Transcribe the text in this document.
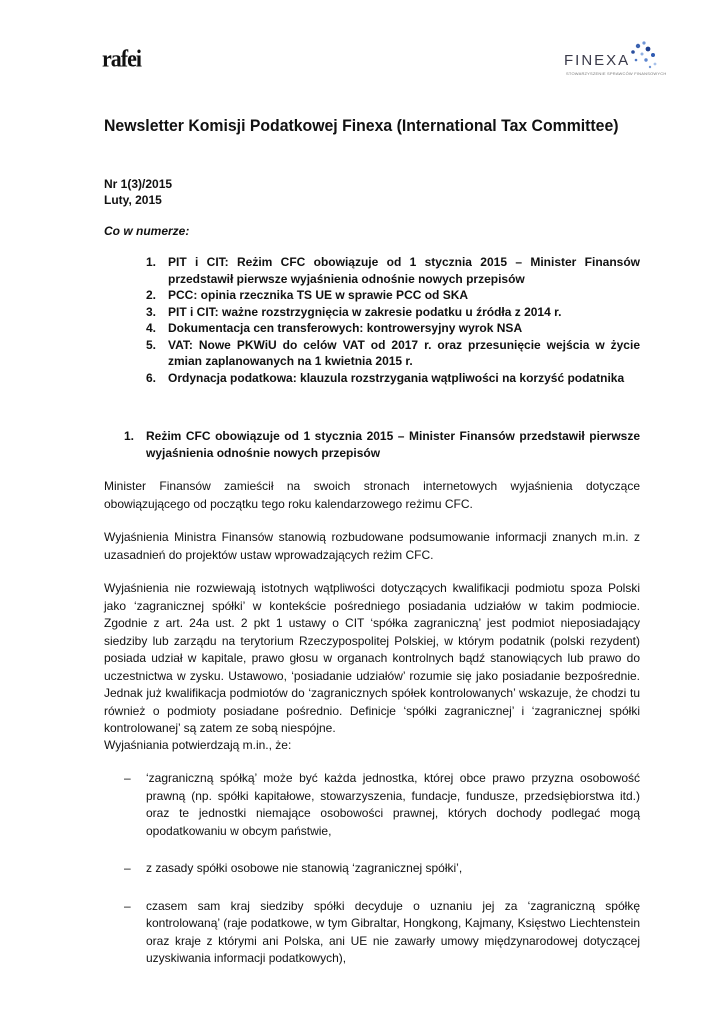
rafei	FINEXA
STOWARZYSZENIE SPRAWCÓW FINANSOWYCH
Newsletter Komisji Podatkowej Finexa (International Tax Committee)
Nr 1(3)/2015
Luty, 2015
Co w numerze:
1. PIT i CIT: Reżim CFC obowiązuje od 1 stycznia 2015 – Minister Finansów przedstawił pierwsze wyjaśnienia odnośnie nowych przepisów
2. PCC: opinia rzecznika TS UE w sprawie PCC od SKA
3. PIT i CIT: ważne rozstrzygnięcia w zakresie podatku u źródła z 2014 r.
4. Dokumentacja cen transferowych: kontrowersyjny wyrok NSA
5. VAT: Nowe PKWiU do celów VAT od 2017 r. oraz przesunięcie wejścia w życie zmian zaplanowanych na 1 kwietnia 2015 r.
6. Ordynacja podatkowa: klauzula rozstrzygania wątpliwości na korzyść podatnika
1. Reżim CFC obowiązuje od 1 stycznia 2015 – Minister Finansów przedstawił pierwsze wyjaśnienia odnośnie nowych przepisów

Minister Finansów zamieścił na swoich stronach internetowych wyjaśnienia dotyczące obowiązującego od początku tego roku kalendarzowego reżimu CFC.

Wyjaśnienia Ministra Finansów stanowią rozbudowane podsumowanie informacji znanych m.in. z uzasadnień do projektów ustaw wprowadzających reżim CFC.

Wyjaśnienia nie rozwiewają istotnych wątpliwości dotyczących kwalifikacji podmiotu spoza Polski jako ‘zagranicznej spółki’ w kontekście pośredniego posiadania udziałów w takim podmiocie. Zgodnie z art. 24a ust. 2 pkt 1 ustawy o CIT ‘spółka zagraniczną’ jest podmiot nieposiadający siedziby lub zarządu na terytorium Rzeczypospolitej Polskiej, w którym podatnik (polski rezydent) posiada udział w kapitale, prawo głosu w organach kontrolnych bądź stanowiących lub prawo do uczestnictwa w zysku. Ustawowo, ‘posiadanie udziałów’ rozumie się jako posiadanie bezpośrednie. Jednak już kwalifikacja podmiotów do ‘zagranicznych spółek kontrolowanych’ wskazuje, że chodzi tu również o podmioty posiadane pośrednio. Definicje ‘spółki zagranicznej’ i ‘zagranicznej spółki kontrolowanej’ są zatem ze sobą niespójne.

Wyjaśniania potwierdzają m.in., że:

– ‘zagraniczną spółką’ może być każda jednostka, której obce prawo przyzna osobowość prawną (np. spółki kapitałowe, stowarzyszenia, fundacje, fundusze, przedsiębiorstwa itd.) oraz te jednostki niemające osobowości prawnej, których dochody podlegać mogą opodatkowaniu w obcym państwie,
– z zasady spółki osobowe nie stanowią ‘zagranicznej spółki’,
– czasem sam kraj siedziby spółki decyduje o uznaniu jej za ‘zagraniczną spółkę kontrolowaną’ (raje podatkowe, w tym Gibraltar, Hongkong, Kajmany, Księstwo Liechtenstein oraz kraje z którymi ani Polska, ani UE nie zawarły umowy międzynarodowej dotyczącej uzyskiwania informacji podatkowych),
